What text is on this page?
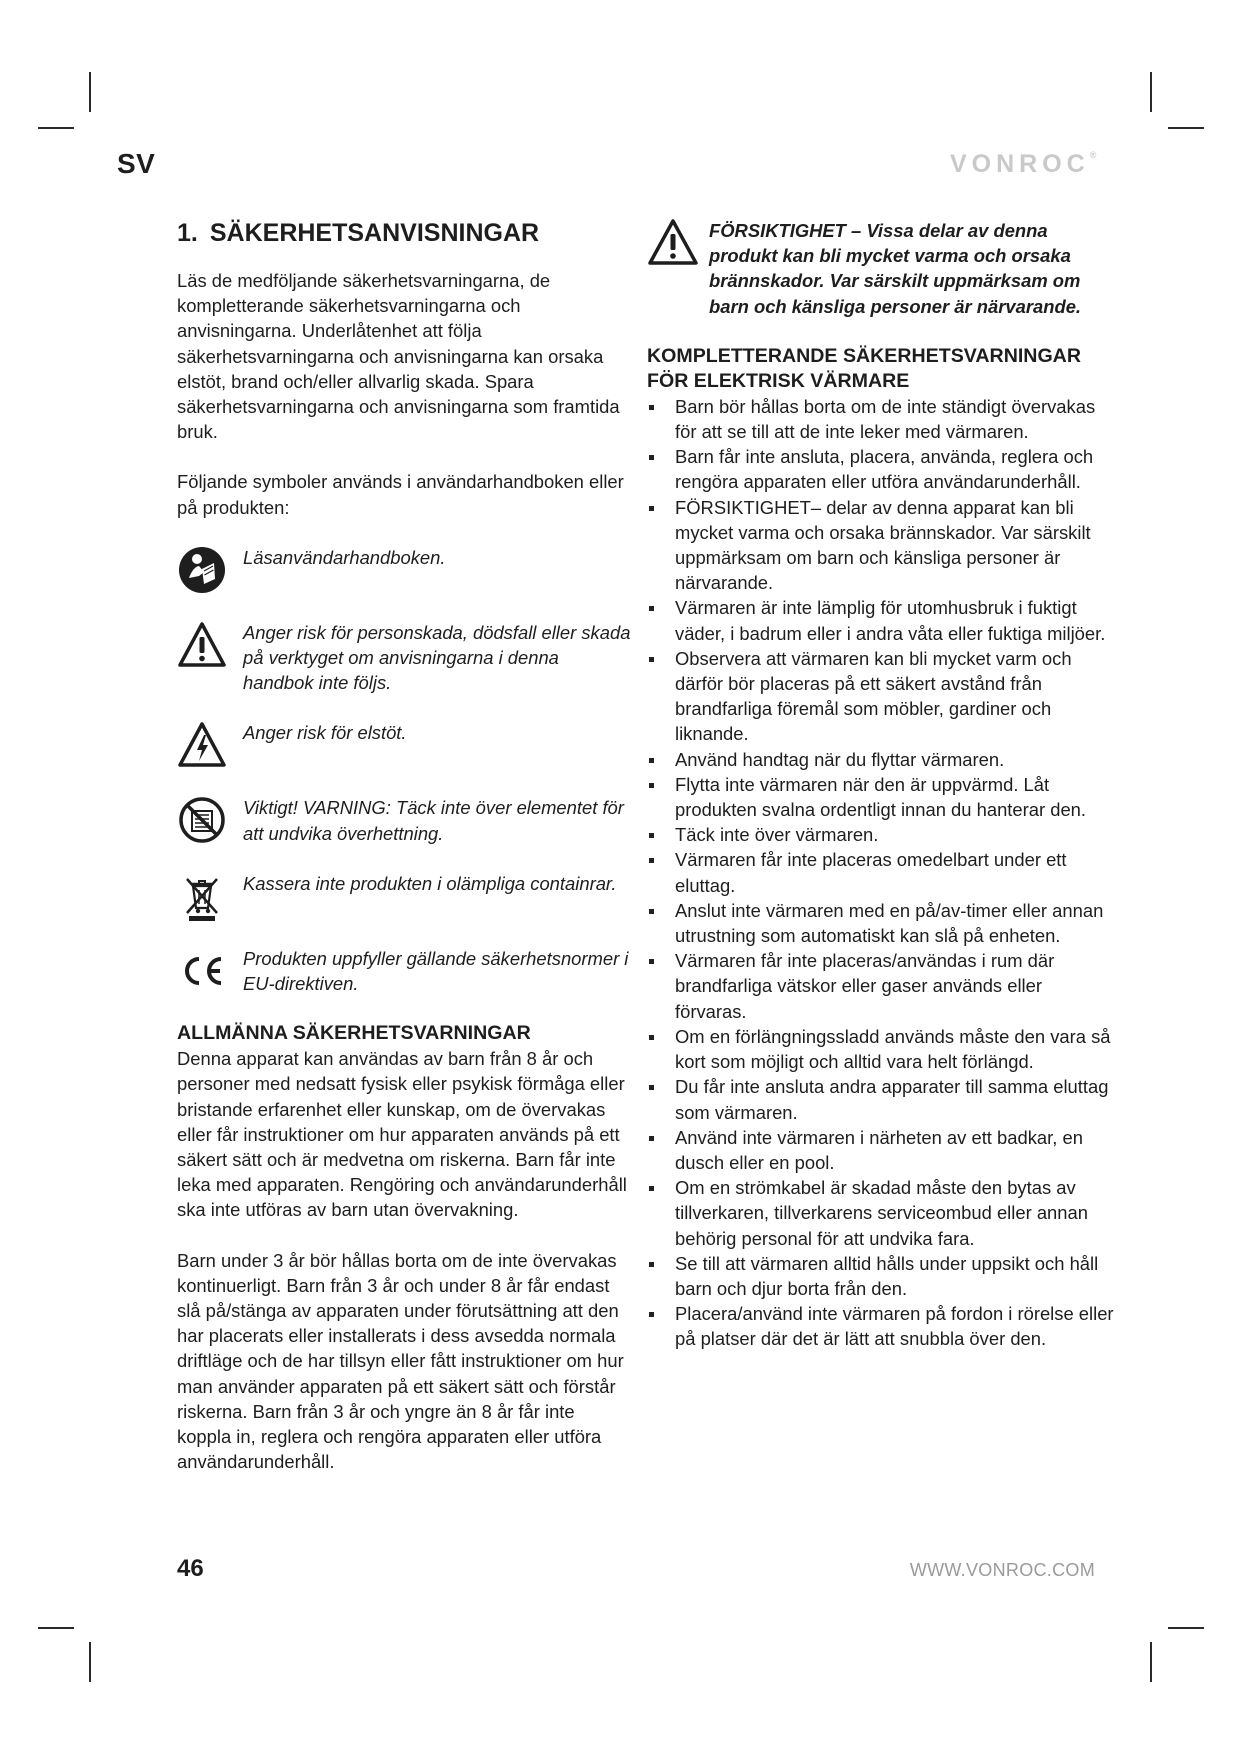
SV	VONROC®
1. SÄKERHETSANVISNINGAR

Läs de medföljande säkerhetsvarningarna, de kompletterande säkerhetsvarningarna och anvisningarna. Underlåtenhet att följa säkerhetsvarningarna och anvisningarna kan orsaka elstöt, brand och/eller allvarlig skada. Spara säkerhetsvarningarna och anvisningarna som framtida bruk.

Följande symboler används i användarhandboken eller på produkten:

Läsanvändarhandboken.
Anger risk för personskada, dödsfall eller skada på verktyget om anvisningarna i denna handbok inte följs.
Anger risk för elstöt.
Viktigt! VARNING: Täck inte över elementet för att undvika överhettning.
Kassera inte produkten i olämpliga containrar.
Produkten uppfyller gällande säkerhetsnormer i EU-direktiven.
ALLMÄNNA SÄKERHETSVARNINGAR

Denna apparat kan användas av barn från 8 år och personer med nedsatt fysisk eller psykisk förmåga eller bristande erfarenhet eller kunskap, om de övervakas eller får instruktioner om hur apparaten används på ett säkert sätt och är medvetna om riskerna. Barn får inte leka med apparaten. Rengöring och användarunderhåll ska inte utföras av barn utan övervakning.

Barn under 3 år bör hållas borta om de inte övervakas kontinuerligt. Barn från 3 år och under 8 år får endast slå på/stänga av apparaten under förutsättning att den har placerats eller installerats i dess avsedda normala driftläge och de har tillsyn eller fått instruktioner om hur man använder apparaten på ett säkert sätt och förstår riskerna. Barn från 3 år och yngre än 8 år får inte koppla in, reglera och rengöra apparaten eller utföra användarunderhåll.

FÖRSIKTIGHET – Vissa delar av denna produkt kan bli mycket varma och orsaka brännskador. Var särskilt uppmärksam om barn och känsliga personer är närvarande.
KOMPLETTERANDE SÄKERHETSVARNINGAR FÖR ELEKTRISK VÄRMARE
Barn bör hållas borta om de inte ständigt övervakas för att se till att de inte leker med värmaren.
Barn får inte ansluta, placera, använda, reglera och rengöra apparaten eller utföra användarunderhåll.
FÖRSIKTIGHET– delar av denna apparat kan bli mycket varma och orsaka brännskador. Var särskilt uppmärksam om barn och känsliga personer är närvarande.
Värmaren är inte lämplig för utomhusbruk i fuktigt väder, i badrum eller i andra våta eller fuktiga miljöer.
Observera att värmaren kan bli mycket varm och därför bör placeras på ett säkert avstånd från brandfarliga föremål som möbler, gardiner och liknande.
Använd handtag när du flyttar värmaren.
Flytta inte värmaren när den är uppvärmd. Låt produkten svalna ordentligt innan du hanterar den.
Täck inte över värmaren.
Värmaren får inte placeras omedelbart under ett eluttag.
Anslut inte värmaren med en på/av-timer eller annan utrustning som automatiskt kan slå på enheten.
Värmaren får inte placeras/användas i rum där brandfarliga vätskor eller gaser används eller förvaras.
Om en förlängningssladd används måste den vara så kort som möjligt och alltid vara helt förlängd.
Du får inte ansluta andra apparater till samma eluttag som värmaren.
Använd inte värmaren i närheten av ett badkar, en dusch eller en pool.
Om en strömkabel är skadad måste den bytas av tillverkaren, tillverkarens serviceombud eller annan behörig personal för att undvika fara.
Se till att värmaren alltid hålls under uppsikt och håll barn och djur borta från den.
Placera/använd inte värmaren på fordon i rörelse eller på platser där det är lätt att snubbla över den.
46	WWW.VONROC.COM
